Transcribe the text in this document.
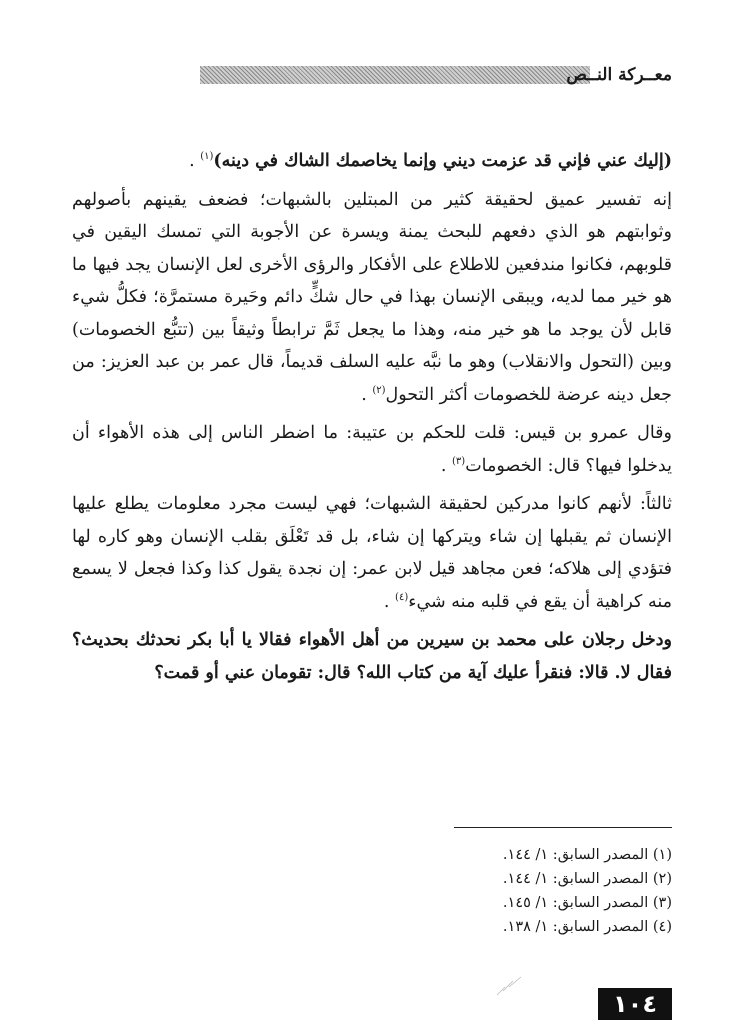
معــركة النــص

(إليك عني فإني قد عزمت ديني وإنما يخاصمك الشاك في دينه)$^{(١)}$ .

إنه تفسير عميق لحقيقة كثير من المبتلين بالشبهات؛ فضعف يقينهم بأصولهم وثوابتهم هو الذي دفعهم للبحث يمنة ويسرة عن الأجوبة التي تمسك اليقين في قلوبهم، فكانوا مندفعين للاطلاع على الأفكار والرؤى الأخرى لعل الإنسان يجد فيها ما هو خير مما لديه، ويبقى الإنسان بهذا في حال شكٍّ دائم وحَيرة مستمرَّة؛ فكلُّ شيء قابل لأن يوجد ما هو خير منه، وهذا ما يجعل ثَمَّ ترابطاً وثيقاً بين (تتبُّع الخصومات) وبين (التحول والانقلاب) وهو ما نبَّه عليه السلف قديماً، قال عمر بن عبد العزيز: من جعل دينه عرضة للخصومات أكثر التحول$^{(٢)}$ .

وقال عمرو بن قيس: قلت للحكم بن عتيبة: ما اضطر الناس إلى هذه الأهواء أن يدخلوا فيها؟ قال: الخصومات$^{(٣)}$ .

ثالثاً: لأنهم كانوا مدركين لحقيقة الشبهات؛ فهي ليست مجرد معلومات يطلع عليها الإنسان ثم يقبلها إن شاء ويتركها إن شاء، بل قد تَعْلَق بقلب الإنسان وهو كاره لها فتؤدي إلى هلاكه؛ فعن مجاهد قيل لابن عمر: إن نجدة يقول كذا وكذا فجعل لا يسمع منه كراهية أن يقع في قلبه منه شيء$^{(٤)}$ .

ودخل رجلان على محمد بن سيرين من أهل الأهواء فقالا يا أبا بكر نحدثك بحديث؟ فقال لا. قالا: فنقرأ عليك آية من كتاب الله؟ قال: تقومان عني أو قمت؟

(١) المصدر السابق: ١/ ١٤٤.
(٢) المصدر السابق: ١/ ١٤٤.
(٣) المصدر السابق: ١/ ١٤٥.
(٤) المصدر السابق: ١/ ١٣٨.
١٠٤
